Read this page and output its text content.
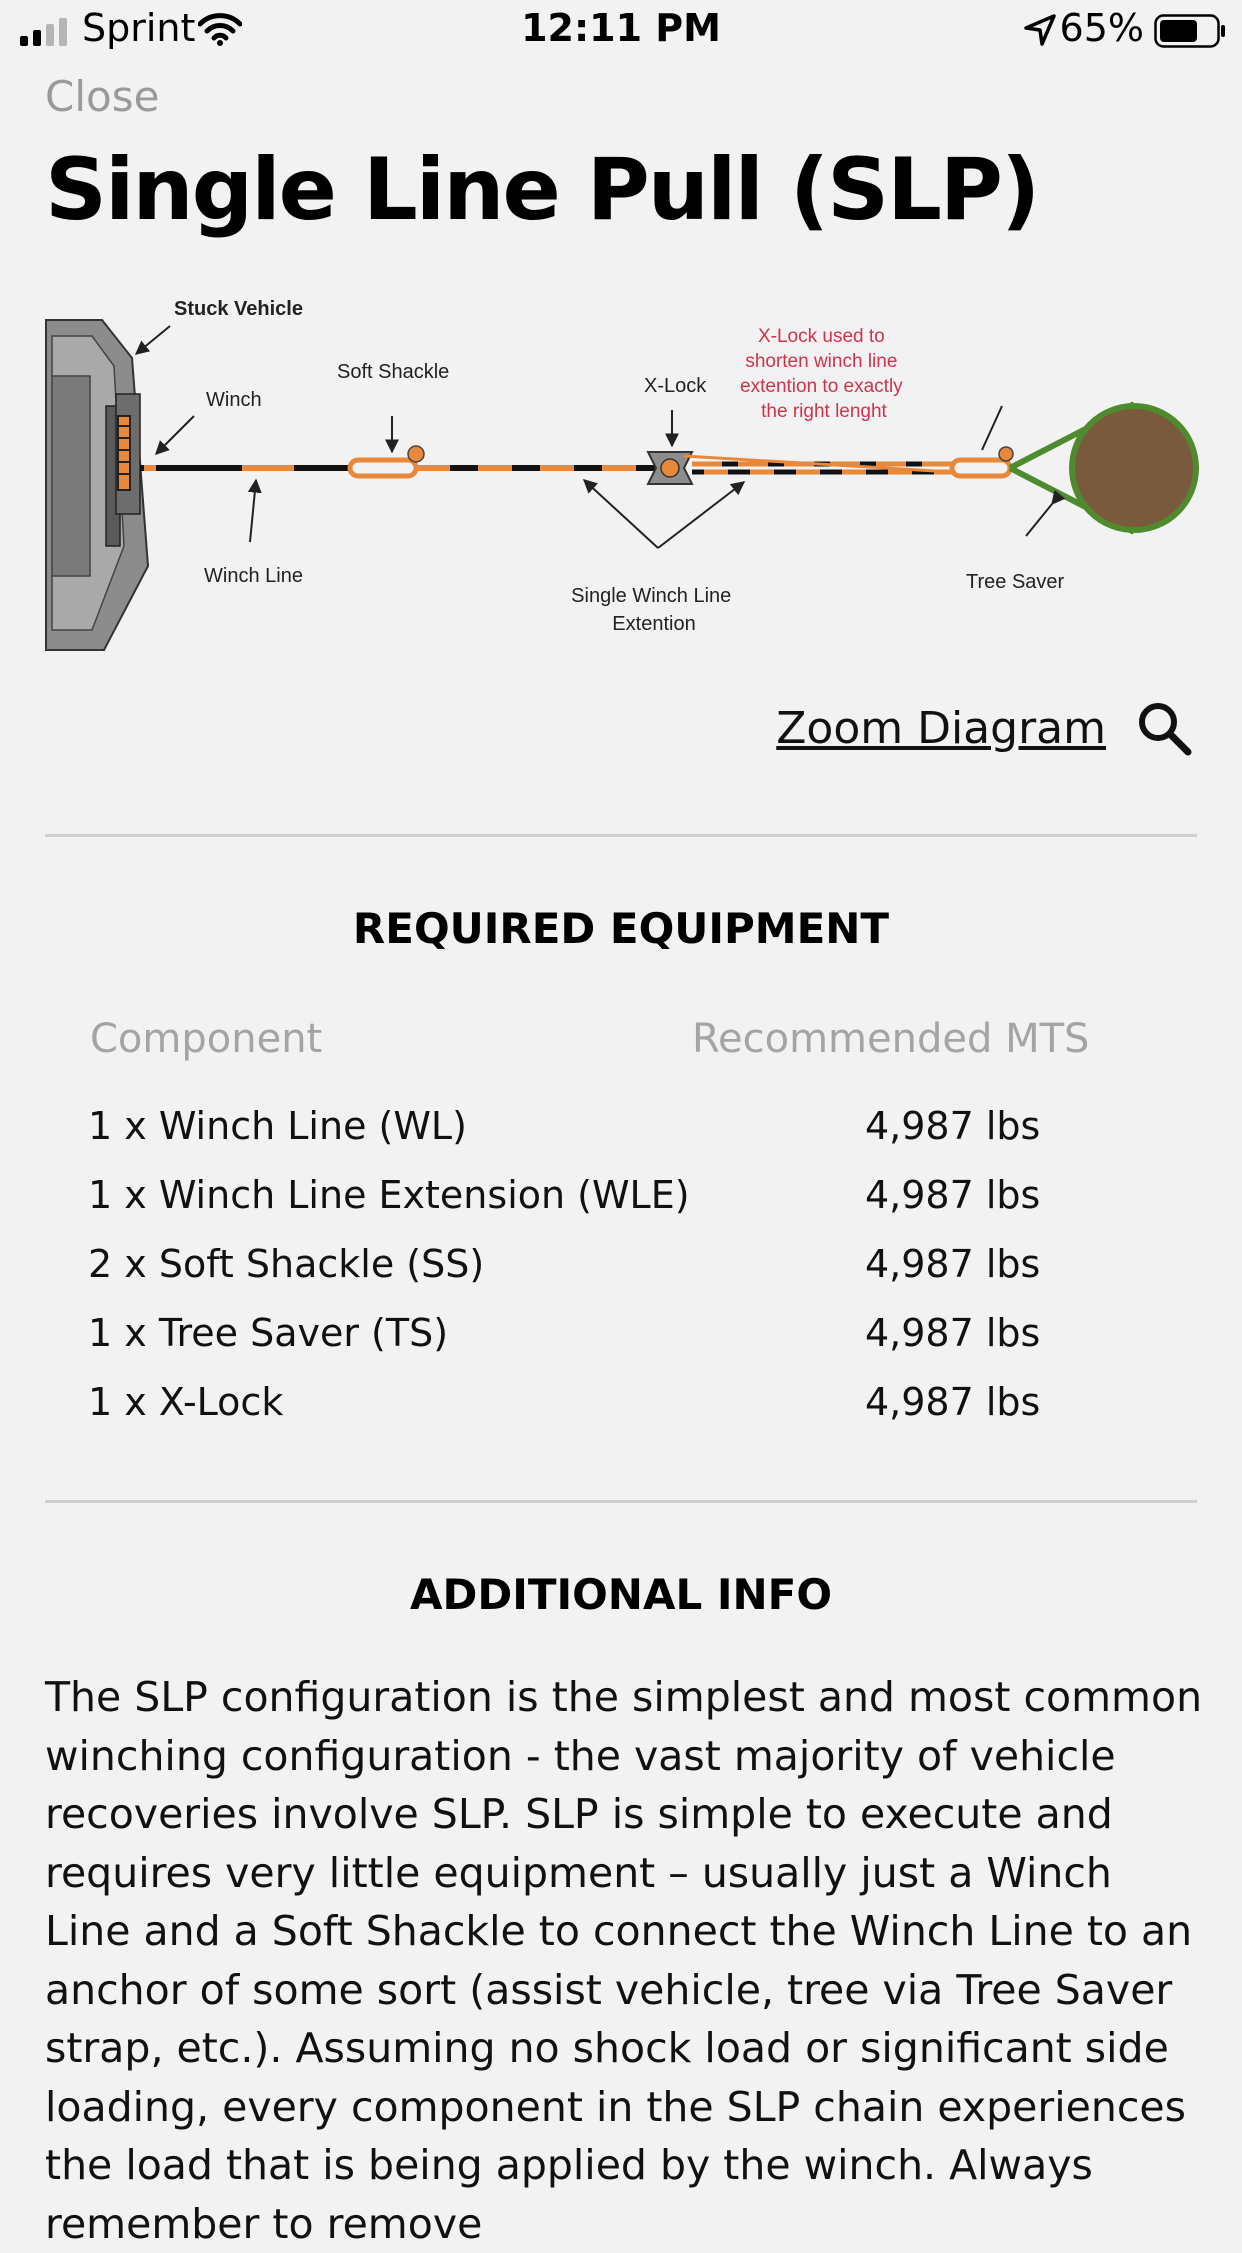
Sprint	12:11 PM	65%
Close
Single Line Pull (SLP)
Stuck Vehicle
Winch
Soft Shackle
X-Lock
X-Lock used to shorten winch line extention to exactly the right lenght
Winch Line
Single Winch Line Extention
Tree Saver
Zoom Diagram
REQUIRED EQUIPMENT
Component	Recommended MTS
1 x Winch Line (WL)	4,987 lbs
1 x Winch Line Extension (WLE)	4,987 lbs
2 x Soft Shackle (SS)	4,987 lbs
1 x Tree Saver (TS)	4,987 lbs
1 x X-Lock	4,987 lbs
ADDITIONAL INFO
The SLP configuration is the simplest and most common winching configuration - the vast majority of vehicle recoveries involve SLP. SLP is simple to execute and requires very little equipment – usually just a Winch Line and a Soft Shackle to connect the Winch Line to an anchor of some sort (assist vehicle, tree via Tree Saver strap, etc.). Assuming no shock load or significant side loading, every component in the SLP chain experiences the load that is being applied by the winch. Always remember to remove
